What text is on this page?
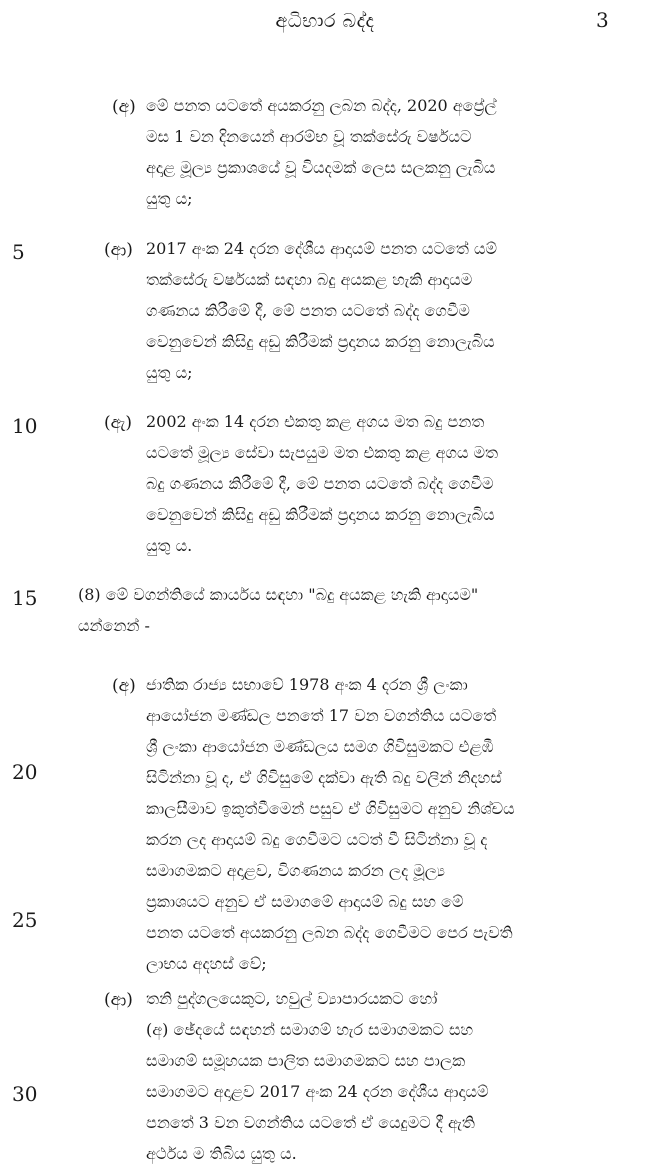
අධිභාර බද්ද	3
5
10
15
20
25
30
(අ) මේ පනත යටතේ අයකරනු ලබන බද්ද, 2020 අප්‍රේල්
මස 1 වන දිනයෙන් ආරම්භ වූ තක්සේරු වර්ෂයට
අදාළ මූල්‍ය ප්‍රකාශයේ වූ වියදමක් ලෙස සලකනු ලැබිය
යුතු ය;
(ආ) 2017 අංක 24 දරන දේශීය ආදායම් පනත යටතේ යම්
තක්සේරු වර්ෂයක් සඳහා බදු අයකළ හැකි ආදායම
ගණනය කිරීමේ දී, මේ පනත යටතේ බද්ද ගෙවීම
වෙනුවෙන් කිසිදු අඩු කිරීමක් ප්‍රදානය කරනු නොලැබිය
යුතු ය;
(ඇ) 2002 අංක 14 දරන එකතු කළ අගය මත බදු පනත
යටතේ මූල්‍ය සේවා සැපයුම මත එකතු කළ අගය මත
බදු ගණනය කිරීමේ දී, මේ පනත යටතේ බද්ද ගෙවීම
වෙනුවෙන් කිසිදු අඩු කිරීමක් ප්‍රදානය කරනු නොලැබිය
යුතු ය.
(8) මේ වගන්තියේ කාර්යය සඳහා "බදු අයකළ හැකි ආදායම"
යන්නෙන් -
(අ) ජාතික රාජ්‍ය සභාවේ 1978 අංක 4 දරන ශ්‍රී ලංකා
ආයෝජන මණ්ඩල පනතේ 17 වන වගන්තිය යටතේ
ශ්‍රී ලංකා ආයෝජන මණ්ඩලය සමග ගිවිසුමකට එළඹී
සිටින්නා වූ ද, ඒ ගිවිසුමේ දක්වා ඇති බදු වලින් නිදහස්
කාලසීමාව ඉකුත්වීමෙන් පසුව ඒ ගිවිසුමට අනුව නිශ්චය
කරන ලද ආදායම් බදු ගෙවීමට යටත් වී සිටින්නා වූ ද
සමාගමකට අදාළව, විගණනය කරන ලද මූල්‍ය
ප්‍රකාශයට අනුව ඒ සමාගමේ ආදායම් බදු සහ මේ
පනත යටතේ අයකරනු ලබන බද්ද ගෙවීමට පෙර පැවති
ලාභය අදහස් වේ;
(ආ) තනි පුද්ගලයෙකුට, හවුල් ව්‍යාපාරයකට හෝ
(අ) ඡේදයේ සඳහන් සමාගම් හැර සමාගමකට සහ
සමාගම් සමූහයක පාලිත සමාගමකට සහ පාලක
සමාගමට අදාළව 2017 අංක 24 දරන දේශීය ආදායම්
පනතේ 3 වන වගන්තිය යටතේ ඒ යෙදුමට දී ඇති
අර්ථය ම තිබිය යුතු ය.
